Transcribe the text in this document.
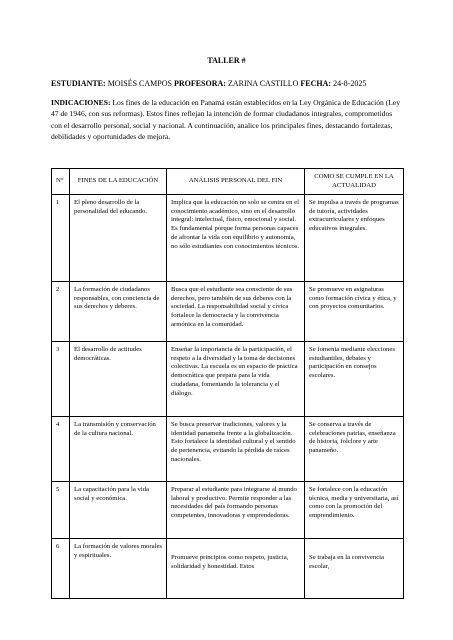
TALLER #
ESTUDIANTE: MOISÉS CAMPOS PROFESORA: ZARINA CASTILLO FECHA: 24-8-2025
INDICACIONES: Los fines de la educación en Panamá están establecidos en la Ley Orgánica de Educación (Ley 47 de 1946, con sus reformas). Estos fines reflejan la intención de formar ciudadanos integrales, comprometidos con el desarrollo personal, social y nacional. A continuación, analice los principales fines, destacando fortalezas, debilidades y oportunidades de mejora.
N°	FINES DE LA EDUCACIÓN	ANÁLISIS PERSONAL DEL FIN	COMO SE CUMPLE EN LA ACTUALIDAD
1	El pleno desarrollo de la personalidad del educando.	Implica que la educación no solo se centra en el conocimiento académico, sino en el desarrollo integral: intelectual, físico, emocional y social. Es fundamental porque forma personas capaces de afrontar la vida con equilibrio y autonomía, no sólo estudiantes con conocimientos técnicos.	Se impulsa a través de programas de tutoría, actividades extracurriculares y enfoques educativos integrales.
2	La formación de ciudadanos responsables, con conciencia de sus derechos y deberes.	Busca que el estudiante sea consciente de sus derechos, pero también de sus deberes con la sociedad. La responsabilidad social y cívica fortalece la democracia y la convivencia armónica en la comunidad.	Se promueve en asignaturas como formación cívica y ética, y con proyectos comunitarios.
3	El desarrollo de actitudes democráticas.	Enseñar la importancia de la participación, el respeto a la diversidad y la toma de decisiones colectivas. La escuela es un espacio de práctica democrática que prepara para la vida ciudadana, fomentando la tolerancia y el diálogo.	Se fomenta mediante elecciones estudiantiles, debates y participación en consejos escolares.
4	La transmisión y conservación de la cultura nacional.	Se busca preservar tradiciones, valores y la identidad panameña frente a la globalización. Esto fortalece la identidad cultural y el sentido de pertenencia, evitando la pérdida de raíces nacionales.	Se conserva a través de celebraciones patrias, enseñanza de historia, folclore y arte panameño.
5	La capacitación para la vida social y económica.	Preparar al estudiante para integrarse al mundo laboral y productivo. Permite responder a las necesidades del país formando personas competentes, innovadoras y emprendedoras.	Se fortalece con la educación técnica, media y universitaria, así como con la promoción del emprendimiento.
6	La formación de valores morales y espirituales.	Promueve principios como respeto, justicia, solidaridad y honestidad. Estos	Se trabaja en la convivencia escolar,
